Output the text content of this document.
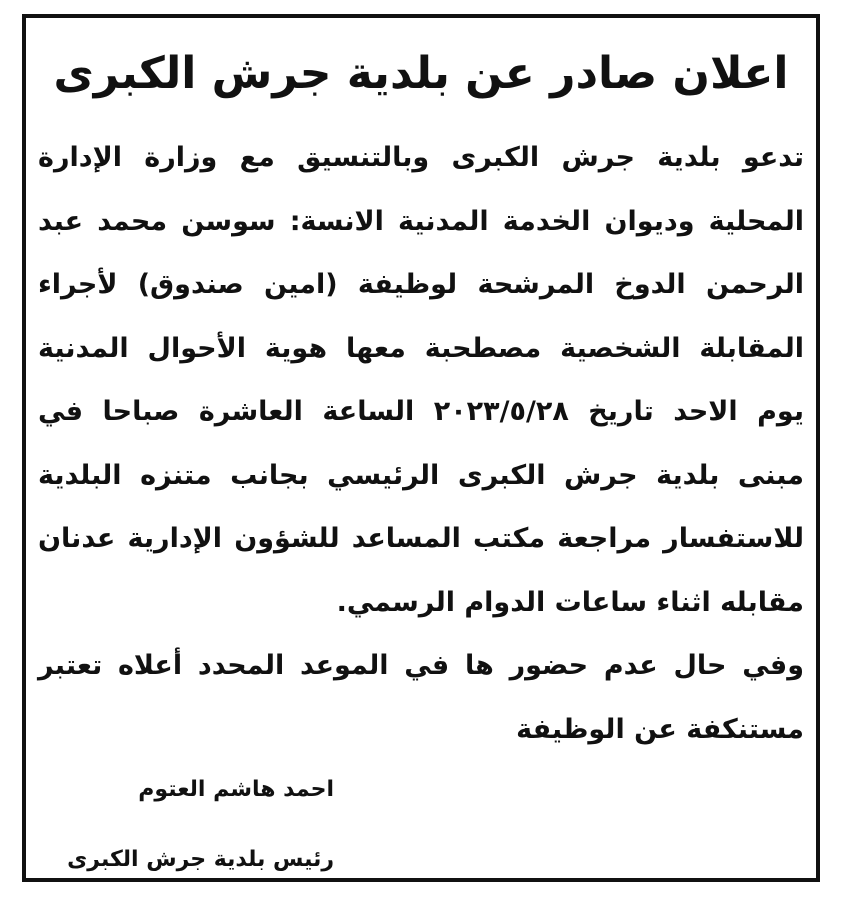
اعلان صادر عن بلدية جرش الكبرى
تدعو بلدية جرش الكبرى وبالتنسيق مع وزارة الإدارة
المحلية وديوان الخدمة المدنية الانسة: سوسن محمد عبد
الرحمن الدوخ المرشحة لوظيفة (امين صندوق) لأجراء
المقابلة الشخصية مصطحبة معها هوية الأحوال المدنية
يوم الاحد تاريخ ٢٠٢٣/٥/٢٨ الساعة العاشرة صباحا في
مبنى بلدية جرش الكبرى الرئيسي بجانب متنزه البلدية
للاستفسار مراجعة مكتب المساعد للشؤون الإدارية عدنان
مقابله اثناء ساعات الدوام الرسمي.
وفي حال عدم حضور ها في الموعد المحدد أعلاه تعتبر
مستنكفة عن الوظيفة
احمد هاشم العتوم
رئيس بلدية جرش الكبرى
